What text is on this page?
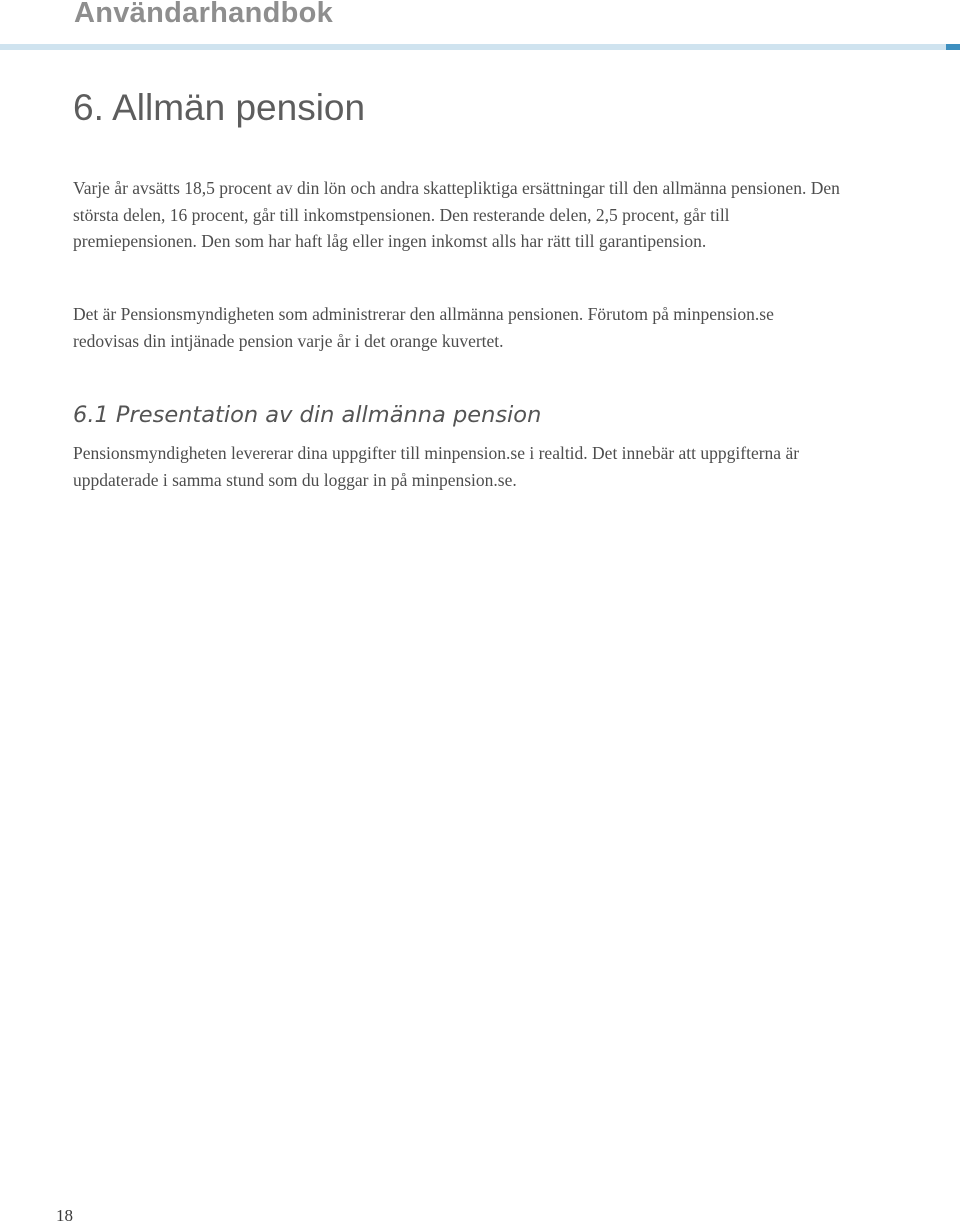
Användarhandbok
6. Allmän pension

Varje år avsätts 18,5 procent av din lön och andra skattepliktiga ersättningar till den allmänna pensionen. Den största delen, 16 procent, går till inkomstpensionen. Den resterande delen, 2,5 procent, går till premiepensionen. Den som har haft låg eller ingen inkomst alls har rätt till garantipension.

Det är Pensionsmyndigheten som administrerar den allmänna pensionen. Förutom på minpension.se redovisas din intjänade pension varje år i det orange kuvertet.

6.1 Presentation av din allmänna pension

Pensionsmyndigheten levererar dina uppgifter till minpension.se i realtid. Det innebär att uppgifterna är uppdaterade i samma stund som du loggar in på minpension.se.

18
